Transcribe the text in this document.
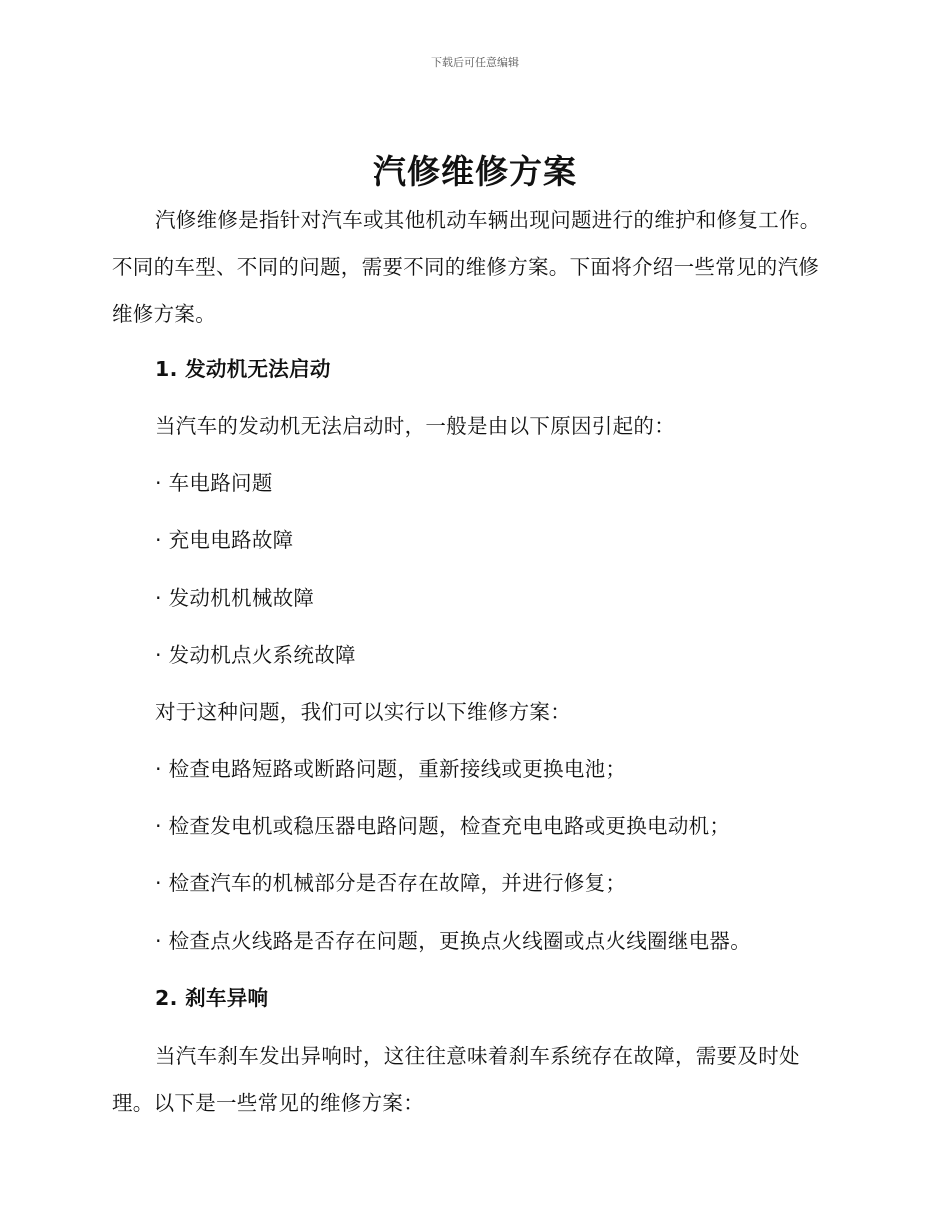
下载后可任意编辑
汽修维修方案

汽修维修是指针对汽车或其他机动车辆出现问题进行的维护和修复工作。不同的车型、不同的问题，需要不同的维修方案。下面将介绍一些常见的汽修维修方案。

1. 发动机无法启动

当汽车的发动机无法启动时，一般是由以下原因引起的：

· 车电路问题

· 充电电路故障

· 发动机机械故障

· 发动机点火系统故障

对于这种问题，我们可以实行以下维修方案：

· 检查电路短路或断路问题，重新接线或更换电池；

· 检查发电机或稳压器电路问题，检查充电电路或更换电动机；

· 检查汽车的机械部分是否存在故障，并进行修复；

· 检查点火线路是否存在问题，更换点火线圈或点火线圈继电器。

2. 刹车异响

当汽车刹车发出异响时，这往往意味着刹车系统存在故障，需要及时处理。以下是一些常见的维修方案：
